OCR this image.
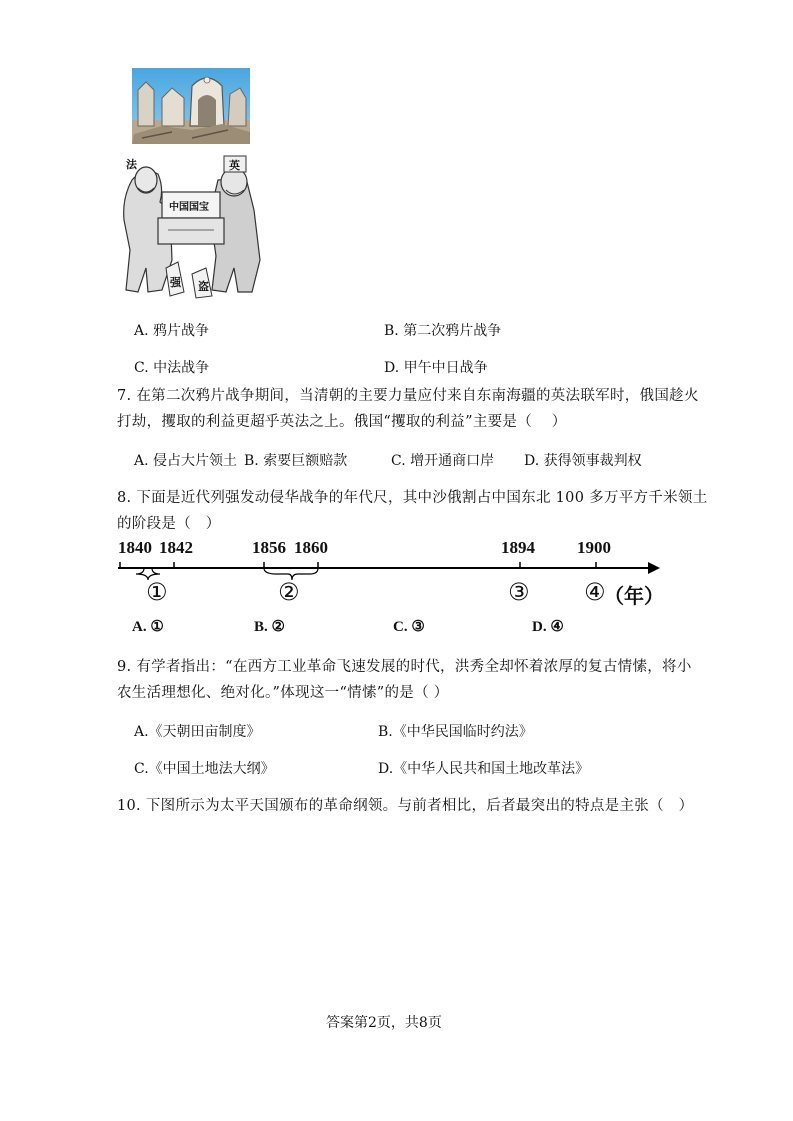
法	英
中国国宝
强 盗
A. 鸦片战争	B. 第二次鸦片战争
C. 中法战争	D. 甲午中日战争
7. 在第二次鸦片战争期间，当清朝的主要力量应付来自东南海疆的英法联军时，俄国趁火
打劫，攫取的利益更超乎英法之上。俄国“攫取的利益”主要是（　 ）
A. 侵占大片领土 B. 索要巨额赔款	C. 增开通商口岸 D. 获得领事裁判权
8. 下面是近代列强发动侵华战争的年代尺，其中沙俄割占中国东北 100 多万平方千米领土
的阶段是（　）
1840 1842	1856 1860	1894 1900
①	②	③ ④
（年）
A. ①	B. ②	C. ③	D. ④
9. 有学者指出：“在西方工业革命飞速发展的时代，洪秀全却怀着浓厚的复古情愫，将小
农生活理想化、绝对化。”体现这一“情愫”的是（ ）
A.《天朝田亩制度》	B.《中华民国临时约法》
C.《中国土地法大纲》	D.《中华人民共和国土地改革法》
10. 下图所示为太平天国颁布的革命纲领。与前者相比，后者最突出的特点是主张（　）
答案第2页，共8页
